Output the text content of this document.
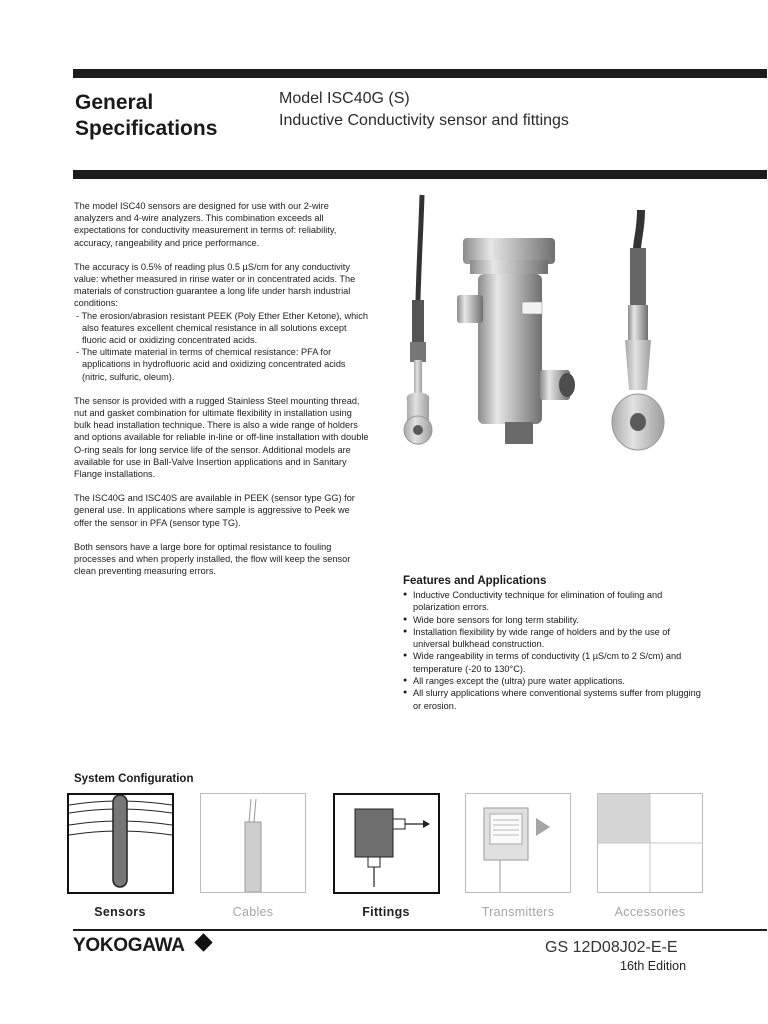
General
Specifications
Model ISC40G (S)
Inductive Conductivity sensor and fittings

The model ISC40 sensors are designed for use with our 2-wire analyzers and 4-wire analyzers. This combination exceeds all expectations for conductivity measurement in terms of: reliability, accuracy, rangeability and price performance.

The accuracy is 0.5% of reading plus 0.5 µS/cm for any conductivity value: whether measured in rinse water or in concentrated acids. The materials of construction guarantee a long life under harsh industrial conditions:

- The erosion/abrasion resistant PEEK (Poly Ether Ether Ketone), which also features excellent chemical resistance in all solutions except fluoric acid or oxidizing concentrated acids.
- The ultimate material in terms of chemical resistance: PFA for applications in hydrofluoric acid and oxidizing concentrated acids (nitric, sulfuric, oleum).

The sensor is provided with a rugged Stainless Steel mounting thread, nut and gasket combination for ultimate flexibility in installation using bulk head installation technique. There is also a wide range of holders and options available for reliable in-line or off-line installation with double O-ring seals for long service life of the sensor. Additional models are available for use in Ball-Valve Insertion applications and in Sanitary Flange installations.

The ISC40G and ISC40S are available in PEEK (sensor type GG) for general use. In applications where sample is aggressive to Peek we offer the sensor in PFA (sensor type TG).

Both sensors have a large bore for optimal resistance to fouling processes and when properly installed, the flow will keep the sensor clean preventing measuring errors.

Features and Applications
● Inductive Conductivity technique for elimination of fouling and polarization errors.
● Wide bore sensors for long term stability.
● Installation flexibility by wide range of holders and by the use of universal bulkhead construction.
● Wide rangeability in terms of conductivity (1 µS/cm to 2 S/cm) and temperature (-20 to 130°C).
● All ranges except the (ultra) pure water applications.
● All slurry applications where conventional systems suffer from plugging or erosion.
System Configuration
Sensors	Cables	Fittings	Transmitters	Accessories
YOKOGAWA	GS 12D08J02-E-E
16th Edition
